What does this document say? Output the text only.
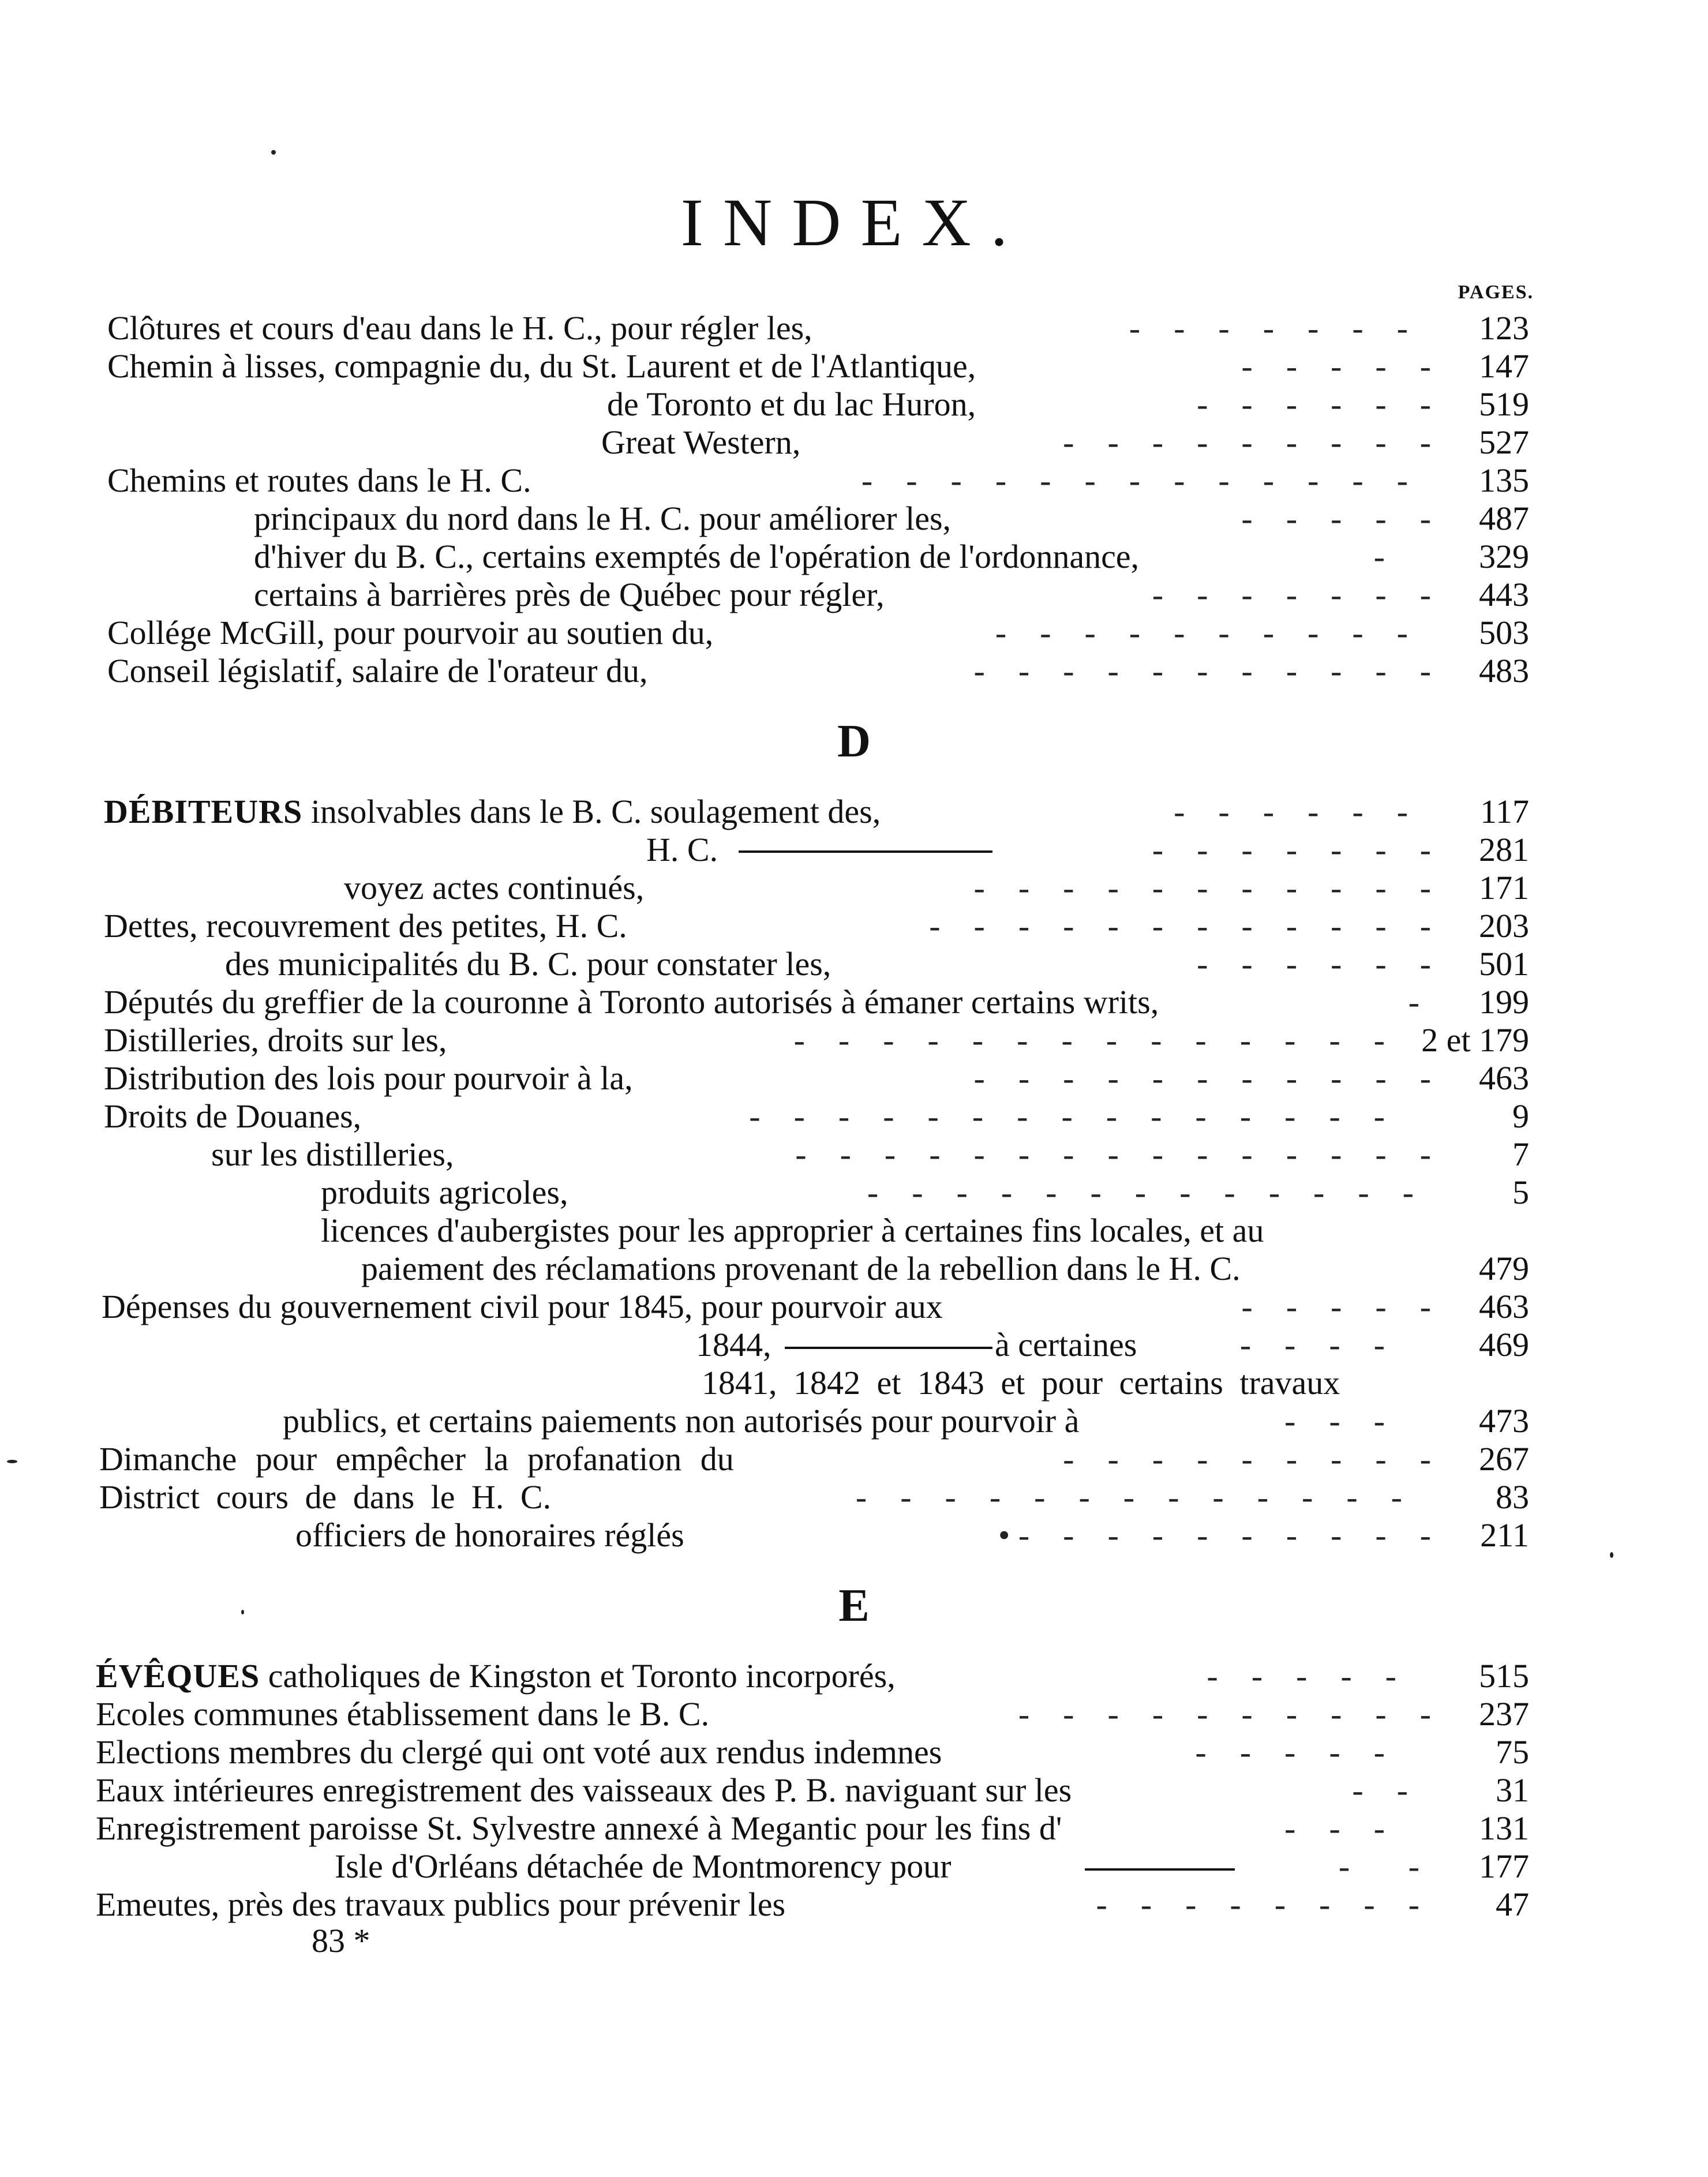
INDEX.
PAGES.
Clôtures et cours d'eau dans le H. C., pour régler les,	-    -    -    -    -    -    - 123
Chemin à lisses, compagnie du, du St. Laurent et de l'Atlantique,	-    -    -    -    - 147
de Toronto et du lac Huron,	-    -    -    -    -    - 519
Great Western,	-    -    -    -    -    -    -    -    - 527
Chemins et routes dans le H. C.	-    -    -    -    -    -    -    -    -    -    -    -    - 135
principaux du nord dans le H. C. pour améliorer les,	-    -    -    -    - 487
d'hiver du B. C., certains exemptés de l'opération de l'ordonnance,	-	329
certains à barrières près de Québec pour régler,	-    -    -    -    -    -    - 443
Collége McGill, pour pourvoir au soutien du,	-    -    -    -    -    -    -    -    -    - 503
Conseil législatif, salaire de l'orateur du,	-    -    -    -    -    -    -    -    -    -    - 483
D
DÉBITEURS insolvables dans le B. C. soulagement des,	-    -    -    -    -    - 117
H. C.	-    -    -    -    -    -    - 281
voyez actes continués,	-    -    -    -    -    -    -    -    -    -    - 171
Dettes, recouvrement des petites, H. C.	-    -    -    -    -    -    -    -    -    -    -    - 203
des municipalités du B. C. pour constater les,	-    -    -    -    -    - 501
Députés du greffier de la couronne à Toronto autorisés à émaner certains writs,	- 199
Distilleries, droits sur les,	-    -    -    -    -    -    -    -    -    -    -    -    -    - 2 et 179
Distribution des lois pour pourvoir à la,	-    -    -    -    -    -    -    -    -    -    - 463
Droits de Douanes,	-    -    -    -    -    -    -    -    -    -    -    -    -    -    -	9
sur les distilleries,	-    -    -    -    -    -    -    -    -    -    -    -    -    -    - 7
produits agricoles,	-    -    -    -    -    -    -    -    -    -    -    -    -	5
licences d'aubergistes pour les approprier à certaines fins locales, et au
paiement des réclamations provenant de la rebellion dans le H. C.	479
Dépenses du gouvernement civil pour 1845, pour pourvoir aux	-    -    -    -    - 463
1844,	à certaines	-    -    -    -	469
1841, 1842 et 1843 et pour certains travaux
publics, et certains paiements non autorisés pour pourvoir à	-    -    -	473
Dimanche pour empêcher la profanation du	-    -    -    -    -    -    -    -    - 267
District cours de dans le H. C.	-    -    -    -    -    -    -    -    -    -    -    -    -	83
officiers de honoraires réglés	• -    -    -    -    -    -    -    -    -    - 211
E
ÉVÊQUES catholiques de Kingston et Toronto incorporés,	-    -    -    -    - 515
Ecoles communes établissement dans le B. C.	-    -    -    -    -    -    -    -    -    - 237
Elections membres du clergé qui ont voté aux rendus indemnes	-    -    -    -    -	75
Eaux intérieures enregistrement des vaisseaux des P. B. naviguant sur les	-    -	31
Enregistrement paroisse St. Sylvestre annexé à Megantic pour les fins d'	-    -    -	131
Isle d'Orléans détachée de Montmorency pour	-       - 177
Emeutes, près des travaux publics pour prévenir les	-    -    -    -    -    -    -    - 47
83 *
